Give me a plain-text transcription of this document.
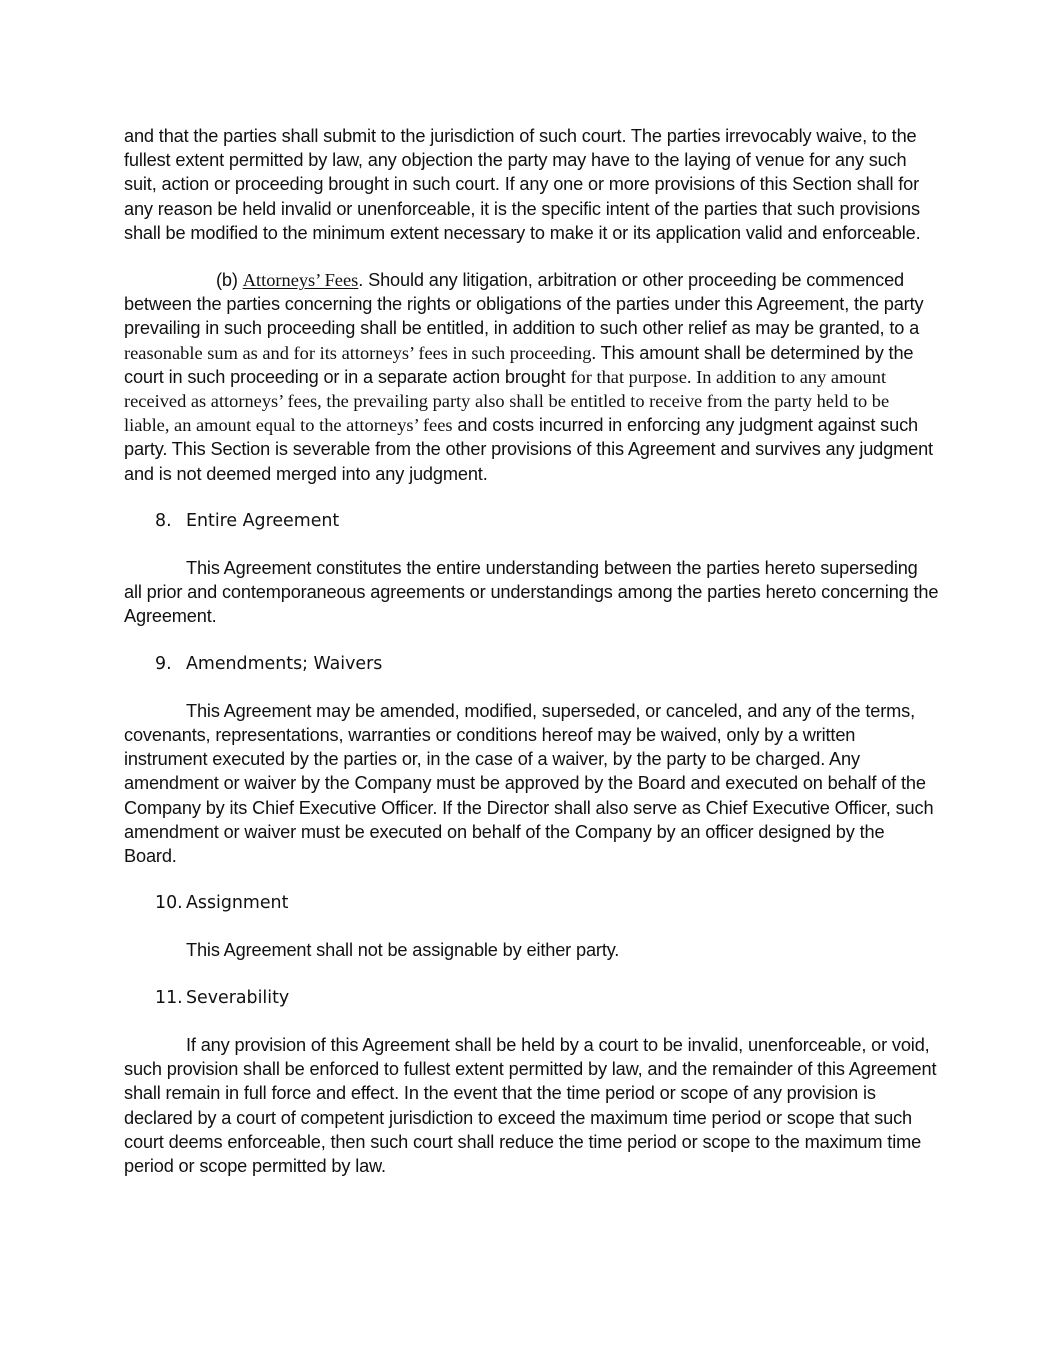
and that the parties shall submit to the jurisdiction of such court. The parties irrevocably waive, to the fullest extent permitted by law, any objection the party may have to the laying of venue for any such suit, action or proceeding brought in such court. If any one or more provisions of this Section shall for any reason be held invalid or unenforceable, it is the specific intent of the parties that such provisions shall be modified to the minimum extent necessary to make it or its application valid and enforceable.

(b) Attorneys’ Fees. Should any litigation, arbitration or other proceeding be commenced between the parties concerning the rights or obligations of the parties under this Agreement, the party prevailing in such proceeding shall be entitled, in addition to such other relief as may be granted, to a reasonable sum as and for its attorneys’ fees in such proceeding. This amount shall be determined by the court in such proceeding or in a separate action brought for that purpose. In addition to any amount received as attorneys’ fees, the prevailing party also shall be entitled to receive from the party held to be liable, an amount equal to the attorneys’ fees and costs incurred in enforcing any judgment against such party. This Section is severable from the other provisions of this Agreement and survives any judgment and is not deemed merged into any judgment.

8. Entire Agreement

This Agreement constitutes the entire understanding between the parties hereto superseding all prior and contemporaneous agreements or understandings among the parties hereto concerning the Agreement.

9. Amendments; Waivers

This Agreement may be amended, modified, superseded, or canceled, and any of the terms, covenants, representations, warranties or conditions hereof may be waived, only by a written instrument executed by the parties or, in the case of a waiver, by the party to be charged. Any amendment or waiver by the Company must be approved by the Board and executed on behalf of the Company by its Chief Executive Officer. If the Director shall also serve as Chief Executive Officer, such amendment or waiver must be executed on behalf of the Company by an officer designed by the Board.

10. Assignment

This Agreement shall not be assignable by either party.

11. Severability

If any provision of this Agreement shall be held by a court to be invalid, unenforceable, or void, such provision shall be enforced to fullest extent permitted by law, and the remainder of this Agreement shall remain in full force and effect. In the event that the time period or scope of any provision is declared by a court of competent jurisdiction to exceed the maximum time period or scope that such court deems enforceable, then such court shall reduce the time period or scope to the maximum time period or scope permitted by law.
